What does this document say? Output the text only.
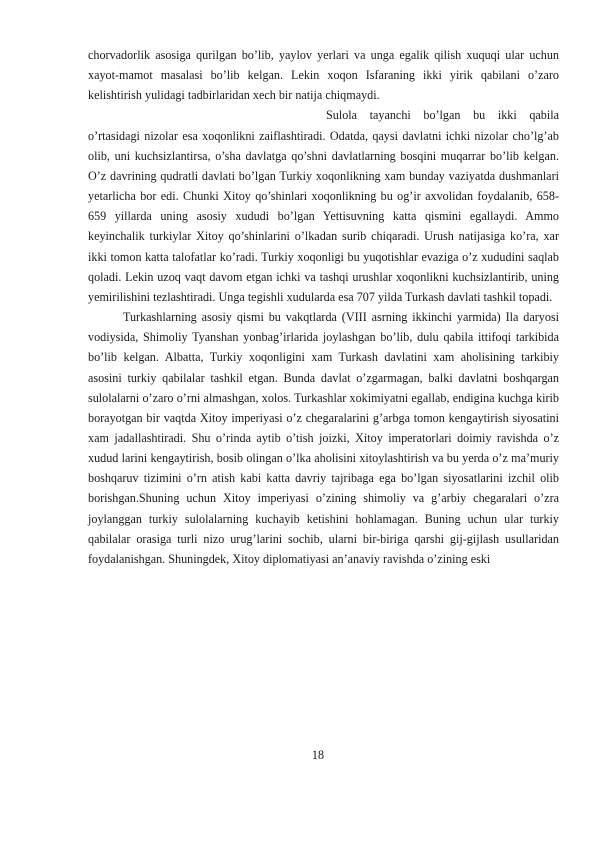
chorvadorlik asosiga qurilgan bo’lib, yaylov yerlari va unga egalik qilish xuquqi ular uchun xayot-mamot masalasi bo’lib kelgan. Lekin xoqon Isfaraning ikki yirik qabilani o’zaro kelishtirish yulidagi tadbirlaridan xech bir natija chiqmaydi.

Sulola tayanchi bo’lgan bu ikki qabila o’rtasidagi nizolar esa xoqonlikni zaiflashtiradi. Odatda, qaysi davlatni ichki nizolar cho’lg’ab olib, uni kuchsizlantirsa, o’sha davlatga qo’shni davlatlarning bosqini muqarrar bo’lib kelgan. O’z davrining qudratli davlati bo’lgan Turkiy xoqonlikning xam bunday vaziyatda dushmanlari yetarlicha bor edi. Chunki Xitoy qo’shinlari xoqonlikning bu og’ir axvolidan foydalanib, 658-659 yillarda uning asosiy xududi bo’lgan Yettisuvning katta qismini egallaydi. Ammo keyinchalik turkiylar Xitoy qo’shinlarini o’lkadan surib chiqaradi. Urush natijasiga ko’ra, xar ikki tomon katta talofatlar ko’radi. Turkiy xoqonligi bu yuqotishlar evaziga o’z xududini saqlab qoladi. Lekin uzoq vaqt davom etgan ichki va tashqi urushlar xoqonlikni kuchsizlantirib, uning yemirilishini tezlashtiradi. Unga tegishli xudulardа esa 707 yilda Turkash davlati tashkil topadi.

Turkashlarning asosiy qismi bu vakqtlarda (VIII asrning ikkinchi yarmida) Ila daryosi vodiysida, Shimoliy Tyanshan yonbag’irlarida joylashgan bo’lib, dulu qabila ittifoqi tarkibida bo’lib kelgan. Albatta, Turkiy xoqonligini xam Turkash davlatini xam aholisining tarkibiy asosini turkiy qabilalar tashkil etgan. Bunda davlat o’zgarmagan, balki davlatni boshqargan sulolalarni o’zaro o’rni almashgan, xolos. Turkashlar xokimiyatni egallab, endigina kuchga kirib borayotgan bir vaqtda Xitoy imperiyasi o’z chegaralarini g’arbga tomon kengaytirish siyosatini xam jadallashtiradi. Shu o’rinda aytib o’tish joizki, Xitoy imperatorlari doimiy ravishda o’z xudud larini kengaytirish, bosib olingan o’lka aholisini xitoylashtirish va bu yerda o’z ma’muriy boshqaruv tizimini o’rn atish kabi katta davriy tajribaga ega bo’lgan siyosatlarini izchil olib borishgan.Shuning uchun Xitoy imperiyasi o’zining shimoliy va g’arbiy chegaralari o’zra joylanggan turkiy sulolalarning kuchayib ketishini hohlamagan. Buning uchun ular turkiy qabilalar orasiga turli nizo urug’larini sochib, ularni bir-biriga qarshi gij-gijlash usullaridan foydalanishgan. Shuningdek, Xitoy diplomatiyasi an’anaviy ravishda o’zining eski

18
